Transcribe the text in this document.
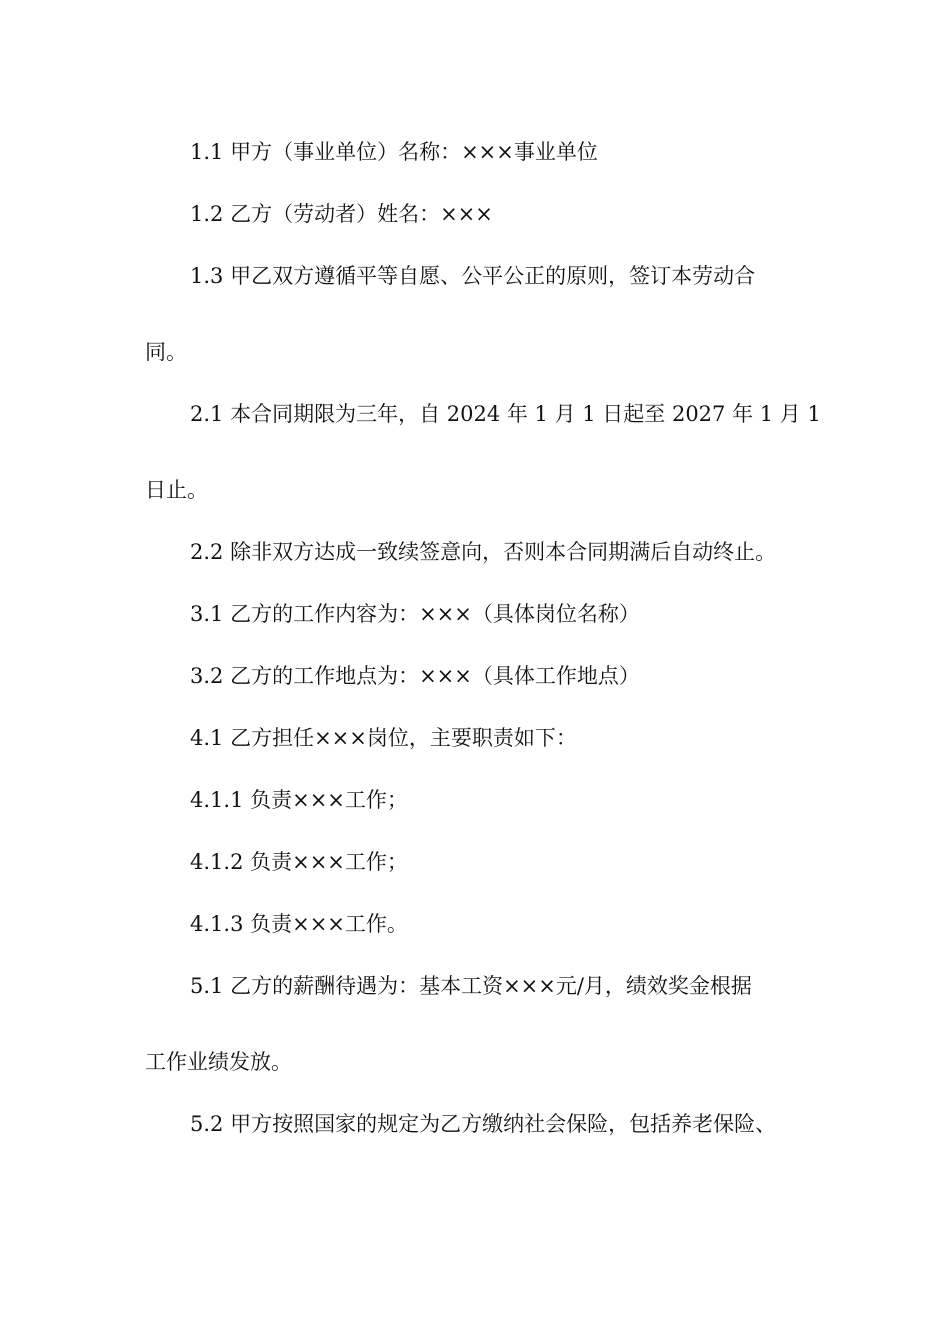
1.1 甲方（事业单位）名称：×××事业单位
1.2 乙方（劳动者）姓名：×××
1.3 甲乙双方遵循平等自愿、公平公正的原则，签订本劳动合
同。
2.1 本合同期限为三年，自 2024 年 1 月 1 日起至 2027 年 1 月 1
日止。
2.2 除非双方达成一致续签意向，否则本合同期满后自动终止。
3.1 乙方的工作内容为：×××（具体岗位名称）
3.2 乙方的工作地点为：×××（具体工作地点）
4.1 乙方担任×××岗位，主要职责如下：
4.1.1 负责×××工作；
4.1.2 负责×××工作；
4.1.3 负责×××工作。
5.1 乙方的薪酬待遇为：基本工资×××元/月，绩效奖金根据
工作业绩发放。
5.2 甲方按照国家的规定为乙方缴纳社会保险，包括养老保险、
